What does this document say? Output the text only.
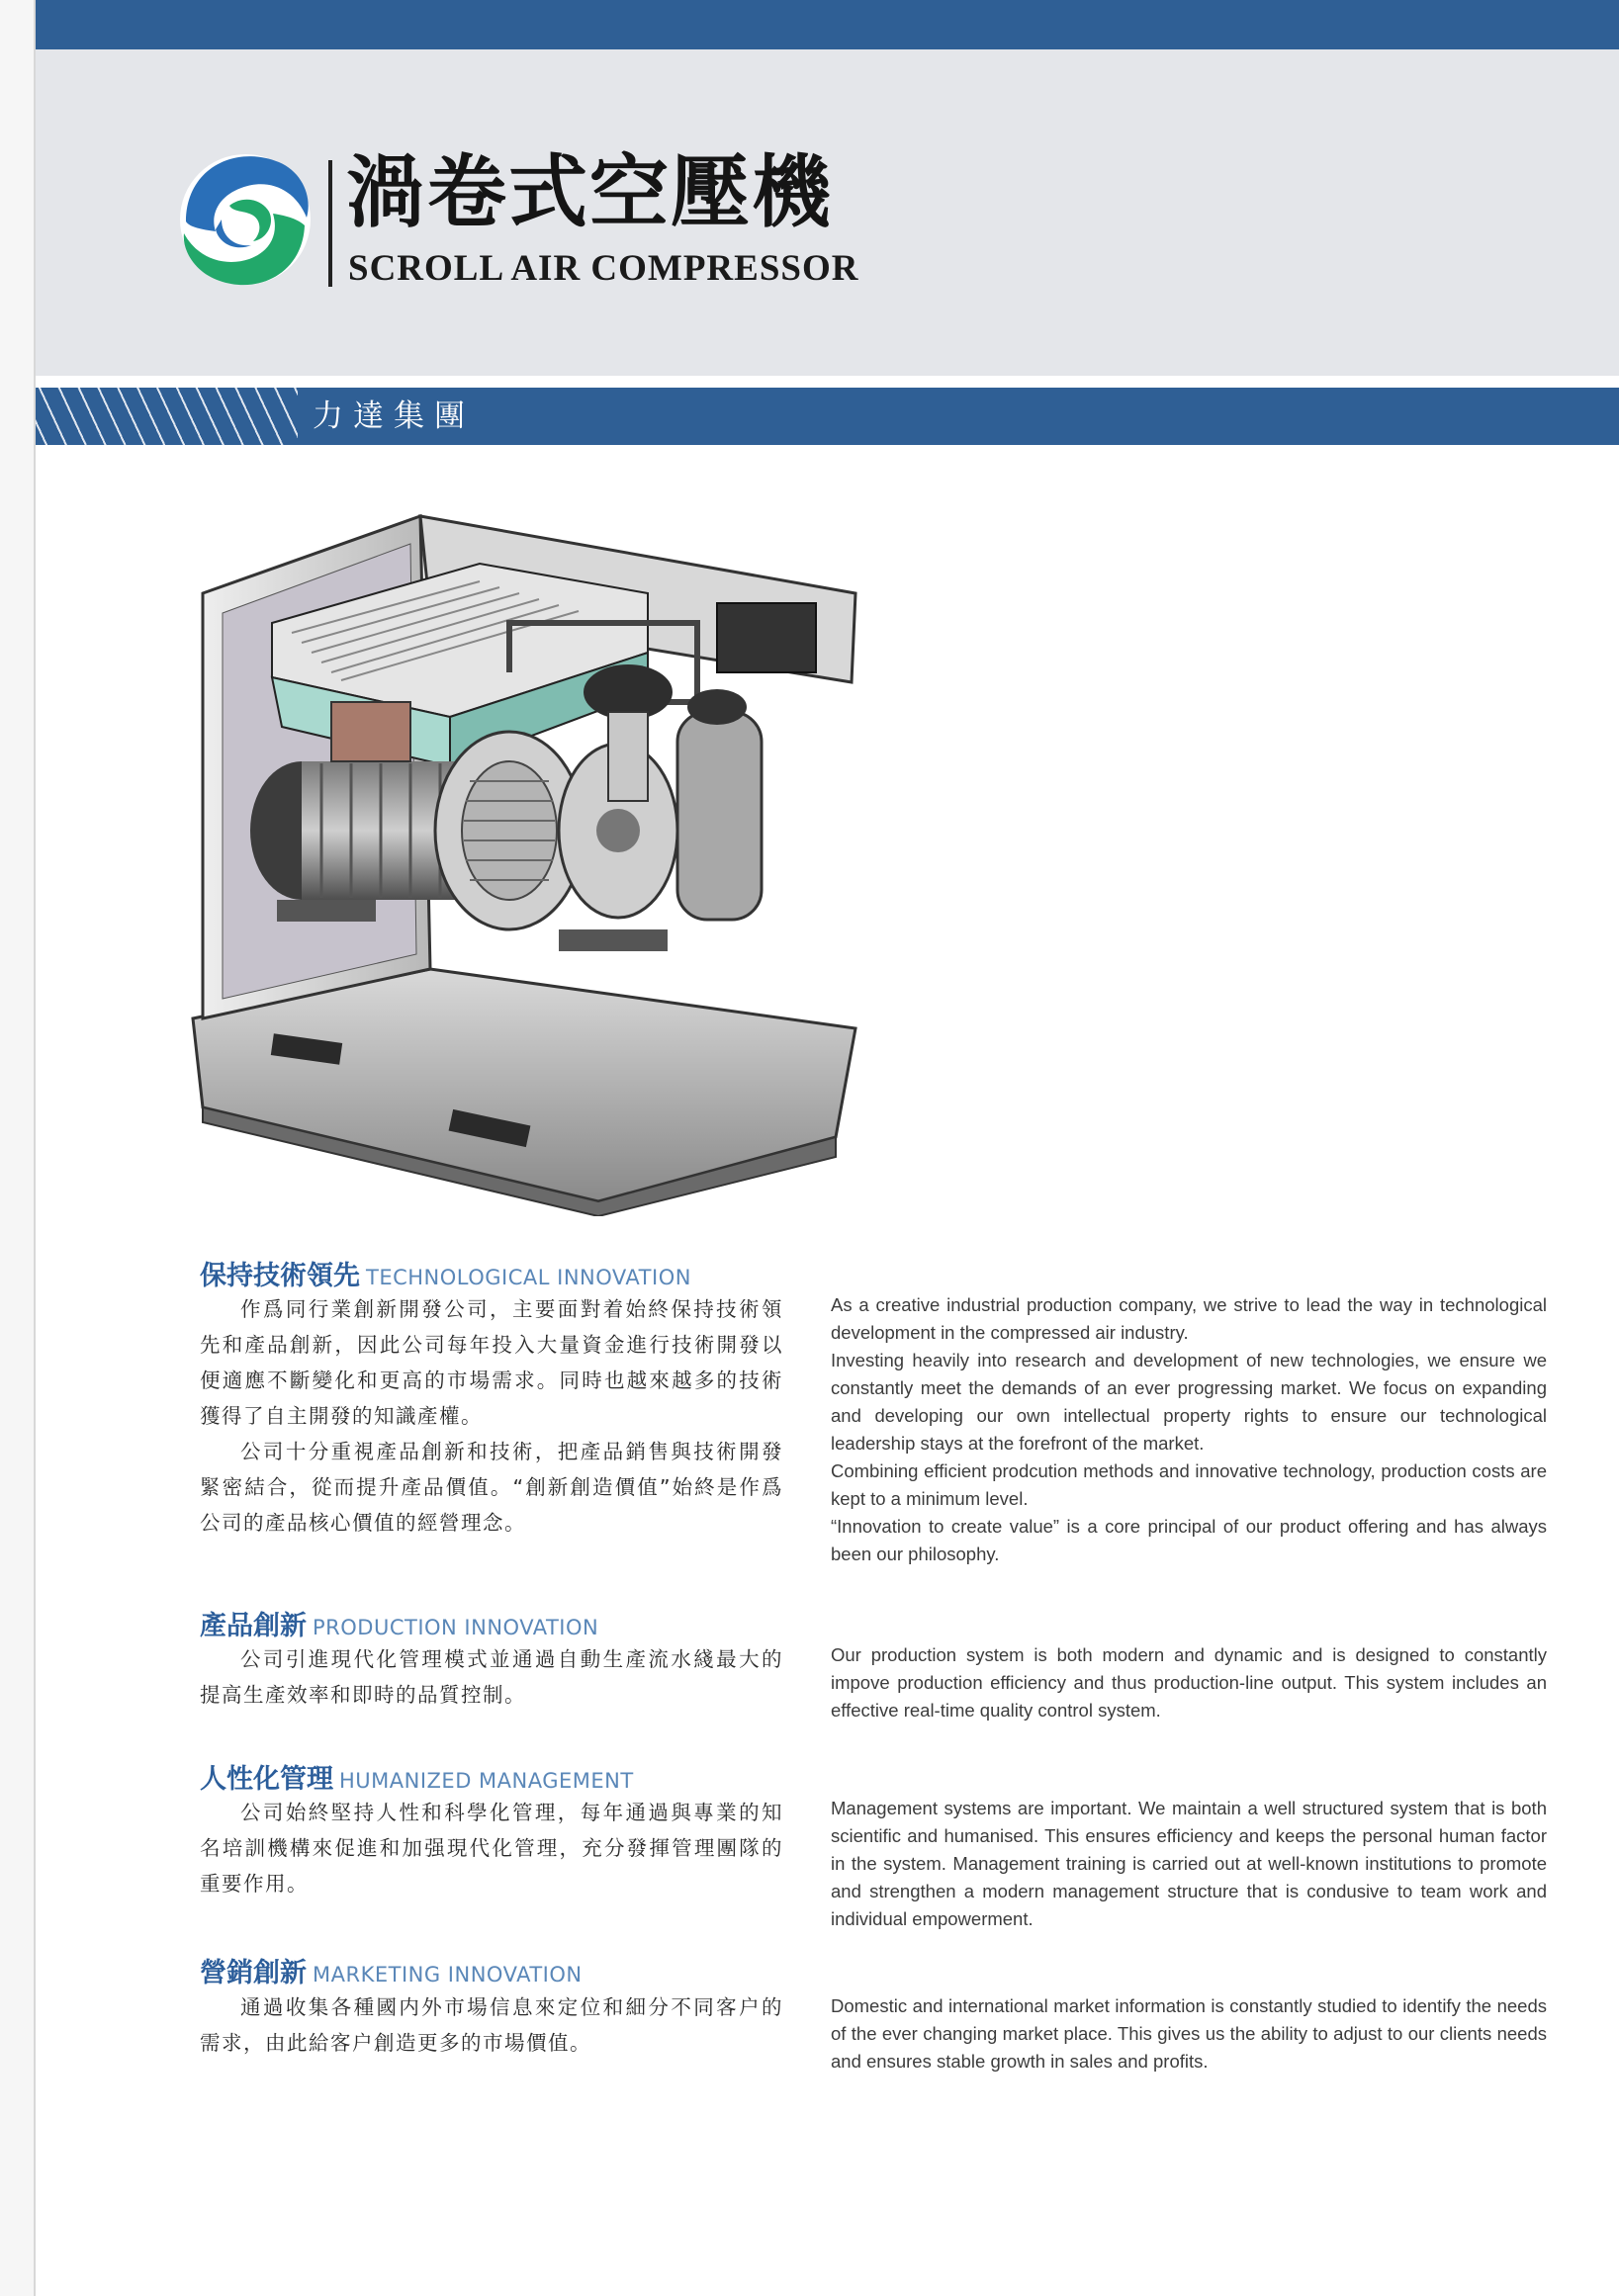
渦卷式空壓機
SCROLL AIR COMPRESSOR
力達集團
保持技術領先 TECHNOLOGICAL INNOVATION
作爲同行業創新開發公司，主要面對着始終保持技術領先和產品創新，因此公司每年投入大量資金進行技術開發以便適應不斷變化和更高的市場需求。同時也越來越多的技術獲得了自主開發的知識產權。
公司十分重視產品創新和技術，把產品銷售與技術開發緊密結合，從而提升產品價值。“創新創造價值”始終是作爲公司的產品核心價值的經營理念。
As a creative industrial production company, we strive to lead the way in technological development in the compressed air industry.
Investing heavily into research and development of new technologies, we ensure we constantly meet the demands of an ever progressing market. We focus on expanding and developing our own intellectual property rights to ensure our technological leadership stays at the forefront of the market.
Combining efficient prodcution methods and innovative technology, production costs are kept to a minimum level.
“Innovation to create value” is a core principal of our product offering and has always been our philosophy.
產品創新 PRODUCTION INNOVATION
公司引進現代化管理模式並通過自動生產流水綫最大的提高生產效率和即時的品質控制。
Our production system is both modern and dynamic and is designed to constantly impove production efficiency and thus production-line output. This system includes an effective real-time quality control system.
人性化管理 HUMANIZED MANAGEMENT
公司始終堅持人性和科學化管理，每年通過與專業的知名培訓機構來促進和加强現代化管理，充分發揮管理團隊的重要作用。
Management systems are important. We maintain a well structured system that is both scientific and humanised. This ensures efficiency and keeps the personal human factor in the system. Management training is carried out at well-known institutions to promote and strengthen a modern management structure that is condusive to team work and individual empowerment.
營銷創新 MARKETING INNOVATION
通過收集各種國内外市場信息來定位和細分不同客户的需求，由此給客户創造更多的市場價值。
Domestic and international market information is constantly studied to identify the needs of the ever changing market place. This gives us the ability to adjust to our clients needs and ensures stable growth in sales and profits.
